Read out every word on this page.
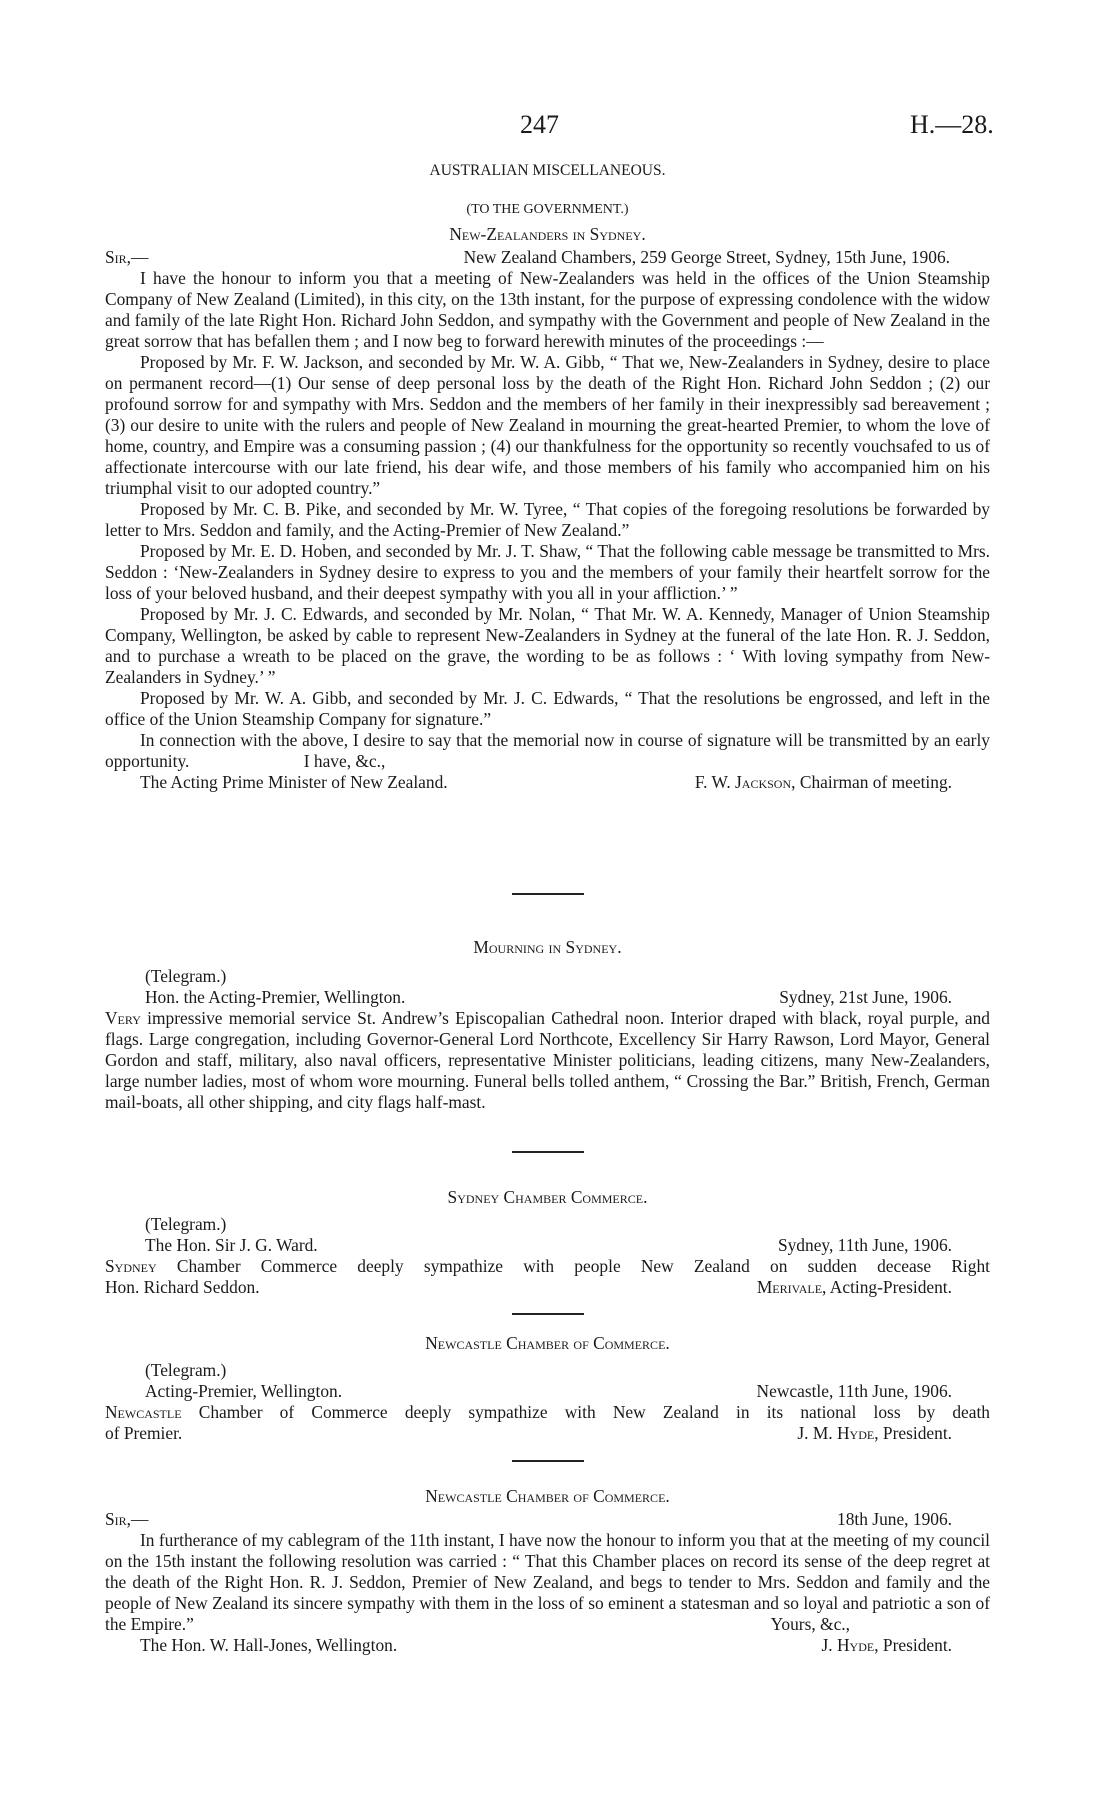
247	H.—28.
AUSTRALIAN MISCELLANEOUS.
(TO THE GOVERNMENT.)

New-Zealanders in Sydney.

Sir,—	New Zealand Chambers, 259 George Street, Sydney, 15th June, 1906.

I have the honour to inform you that a meeting of New-Zealanders was held in the offices of the Union Steamship Company of New Zealand (Limited), in this city, on the 13th instant, for the purpose of expressing condolence with the widow and family of the late Right Hon. Richard John Seddon, and sympathy with the Government and people of New Zealand in the great sorrow that has befallen them ; and I now beg to forward herewith minutes of the proceedings :—

Proposed by Mr. F. W. Jackson, and seconded by Mr. W. A. Gibb, “ That we, New-Zealanders in Sydney, desire to place on permanent record—(1) Our sense of deep personal loss by the death of the Right Hon. Richard John Seddon ; (2) our profound sorrow for and sympathy with Mrs. Seddon and the members of her family in their inexpressibly sad bereavement ; (3) our desire to unite with the rulers and people of New Zealand in mourning the great-hearted Premier, to whom the love of home, country, and Empire was a consuming passion ; (4) our thankfulness for the opportunity so recently vouchsafed to us of affectionate intercourse with our late friend, his dear wife, and those members of his family who accompanied him on his triumphal visit to our adopted country.”

Proposed by Mr. C. B. Pike, and seconded by Mr. W. Tyree, “ That copies of the foregoing resolutions be forwarded by letter to Mrs. Seddon and family, and the Acting-Premier of New Zealand.”

Proposed by Mr. E. D. Hoben, and seconded by Mr. J. T. Shaw, “ That the following cable message be transmitted to Mrs. Seddon : ‘New-Zealanders in Sydney desire to express to you and the members of your family their heartfelt sorrow for the loss of your beloved husband, and their deepest sympathy with you all in your affliction.’ ”

Proposed by Mr. J. C. Edwards, and seconded by Mr. Nolan, “ That Mr. W. A. Kennedy, Manager of Union Steamship Company, Wellington, be asked by cable to represent New-Zealanders in Sydney at the funeral of the late Hon. R. J. Seddon, and to purchase a wreath to be placed on the grave, the wording to be as follows : ‘ With loving sympathy from New-Zealanders in Sydney.’ ”

Proposed by Mr. W. A. Gibb, and seconded by Mr. J. C. Edwards, “ That the resolutions be engrossed, and left in the office of the Union Steamship Company for signature.”

In connection with the above, I desire to say that the memorial now in course of signature will be transmitted by an early opportunity.	I have, &c.,

The Acting Prime Minister of New Zealand.	F. W. Jackson, Chairman of meeting.

Mourning in Sydney.

(Telegram.)

Hon. the Acting-Premier, Wellington.	Sydney, 21st June, 1906.

Very impressive memorial service St. Andrew’s Episcopalian Cathedral noon. Interior draped with black, royal purple, and flags. Large congregation, including Governor-General Lord Northcote, Excellency Sir Harry Rawson, Lord Mayor, General Gordon and staff, military, also naval officers, representative Minister politicians, leading citizens, many New-Zealanders, large number ladies, most of whom wore mourning. Funeral bells tolled anthem, “ Crossing the Bar.” British, French, German mail-boats, all other shipping, and city flags half-mast.

Sydney Chamber Commerce.

(Telegram.)

The Hon. Sir J. G. Ward.	Sydney, 11th June, 1906.

Sydney Chamber Commerce deeply sympathize with people New Zealand on sudden decease Right

Hon. Richard Seddon.	Merivale, Acting-President.

Newcastle Chamber of Commerce.

(Telegram.)

Acting-Premier, Wellington.	Newcastle, 11th June, 1906.

Newcastle Chamber of Commerce deeply sympathize with New Zealand in its national loss by death

of Premier.	J. M. Hyde, President.

Newcastle Chamber of Commerce.

Sir,—	18th June, 1906.

In furtherance of my cablegram of the 11th instant, I have now the honour to inform you that at the meeting of my council on the 15th instant the following resolution was carried : “ That this Chamber places on record its sense of the deep regret at the death of the Right Hon. R. J. Seddon, Premier of New Zealand, and begs to tender to Mrs. Seddon and family and the people of New Zealand its sincere sympathy with them in the loss of so eminent a statesman and so loyal and patriotic a son of the Empire.”	Yours, &c.,

The Hon. W. Hall-Jones, Wellington.	J. Hyde, President.
